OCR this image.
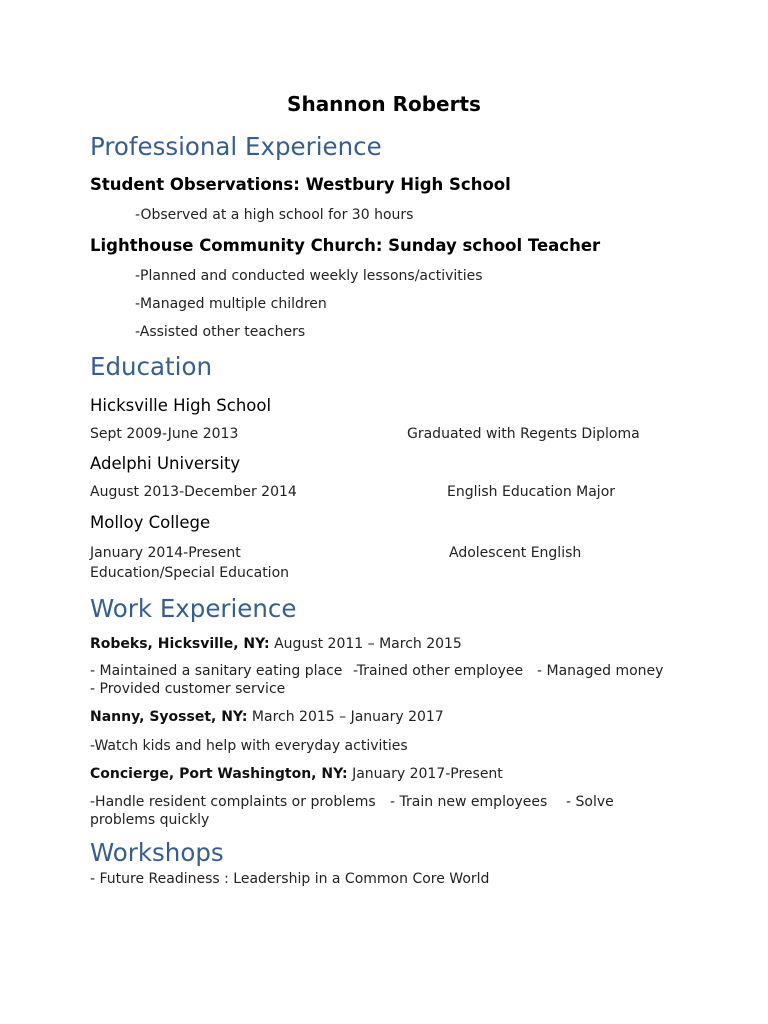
Shannon Roberts
Professional Experience
Student Observations: Westbury High School
-Observed at a high school for 30 hours
Lighthouse Community Church: Sunday school Teacher
-Planned and conducted weekly lessons/activities
-Managed multiple children
-Assisted other teachers
Education
Hicksville High School
Sept 2009-June 2013	Graduated with Regents Diploma
Adelphi University
August 2013-December 2014	English Education Major
Molloy College
January 2014-Present	Adolescent English
Education/Special Education
Work Experience
Robeks, Hicksville, NY: August 2011 – March 2015
- Maintained a sanitary eating place -Trained other employee - Managed money
- Provided customer service
Nanny, Syosset, NY: March 2015 – January 2017
-Watch kids and help with everyday activities
Concierge, Port Washington, NY: January 2017-Present
-Handle resident complaints or problems - Train new employees - Solve
problems quickly
Workshops
- Future Readiness : Leadership in a Common Core World
